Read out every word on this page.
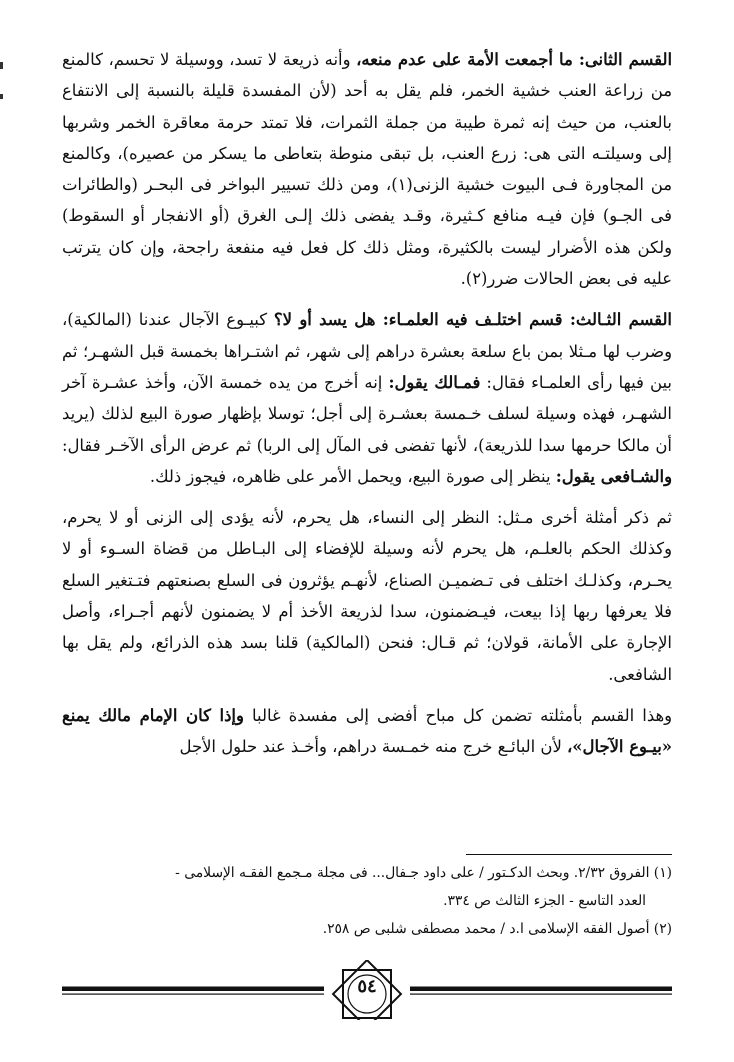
القسم الثانى: ما أجمعت الأمة على عدم منعه، وأنه ذريعة لا تسد، ووسيلة لا تحسم، كالمنع من زراعة العنب خشية الخمر، فلم يقل به أحد (لأن المفسدة قليلة بالنسبة إلى الانتفاع بالعنب، من حيث إنه ثمرة طيبة من جملة الثمرات، فلا تمتد حرمة معاقرة الخمر وشربها إلى وسيلتـه التى هى: زرع العنب، بل تبقى منوطة بتعاطى ما يسكر من عصيره)، وكالمنع من المجاورة فـى البيوت خشية الزنى(١)، ومن ذلك تسيير البواخر فى البحـر (والطائرات فى الجـو) فإن فيـه منافع كـثيرة، وقـد يفضى ذلك إلـى الغرق (أو الانفجار أو السقوط) ولكن هذه الأضرار ليست بالكثيرة، ومثل ذلك كل فعل فيه منفعة راجحة، وإن كان يترتب عليه فى بعض الحالات ضرر(٢).

القسم الثـالث: قسم اختلـف فيه العلمـاء: هل يسد أو لا؟ كبيـوع الآجال عندنا (المالكية)، وضرب لها مـثلا بمن باع سلعة بعشرة دراهم إلى شهر، ثم اشتـراها بخمسة قبل الشهـر؛ ثم بين فيها رأى العلمـاء فقال: فمـالك يقول: إنه أخرج من يده خمسة الآن، وأخذ عشـرة آخر الشهـر، فهذه وسيلة لسلف خـمسة بعشـرة إلى أجل؛ توسلا بإظهار صورة البيع لذلك (يريد أن مالكا حرمها سدا للذريعة)، لأنها تفضى فى المآل إلى الربا) ثم عرض الرأى الآخـر فقال: والشـافعى يقول: ينظر إلى صورة البيع، ويحمل الأمر على ظاهره، فيجوز ذلك.

ثم ذكر أمثلة أخرى مـثل: النظر إلى النساء، هل يحرم، لأنه يؤدى إلى الزنى أو لا يحرم، وكذلك الحكم بالعلـم، هل يحرم لأنه وسيلة للإفضاء إلى البـاطل من قضاة السـوء أو لا يحـرم، وكذلـك اختلف فى تـضميـن الصناع، لأنهـم يؤثرون فى السلع بصنعتهم فتـتغير السلع فلا يعرفها ربها إذا بيعت، فيـضمنون، سدا لذريعة الأخذ أم لا يضمنون لأنهم أجـراء، وأصل الإجارة على الأمانة، قولان؛ ثم قـال: فنحن (المالكية) قلنا بسد هذه الذرائع، ولم يقل بها الشافعى.

وهذا القسم بأمثلته تضمن كل مباح أفضى إلى مفسدة غالبا وإذا كان الإمام مالك يمنع «بيـوع الآجال»، لأن البائـع خرج منه خمـسة دراهم، وأخـذ عند حلول الأجل

(١) الفروق ٢/٣٢. وبحث الدكـتور / على داود جـفال... فى مجلة مـجمع الفقـه الإسلامى -

العدد التاسع - الجزء الثالث ص ٣٣٤.

(٢) أصول الفقه الإسلامى ا.د / محمد مصطفى شلبى ص ٢٥٨.

٥٤
